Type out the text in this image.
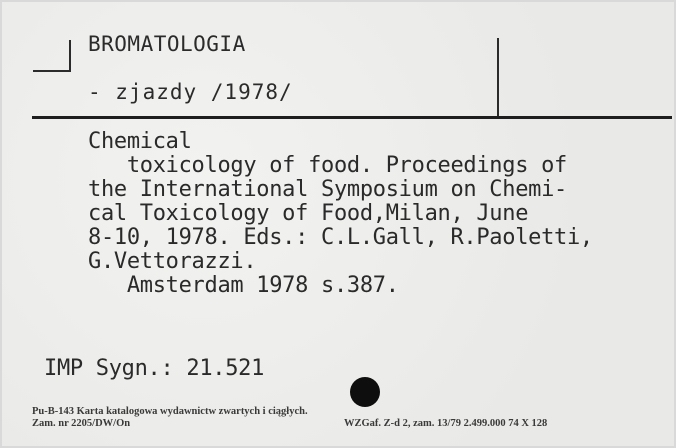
BROMATOLOGIA
- zjazdy /1978/
Chemical
toxicology of food. Proceedings of
the International Symposium on Chemi-
cal Toxicology of Food,Milan, June
8-10, 1978. Eds.: C.L.Gall, R.Paoletti,
G.Vettorazzi.
Amsterdam 1978 s.387.
IMP Sygn.: 21.521
Pu-B-143 Karta katalogowa wydawnictw zwartych i ciągłych.
Zam. nr 2205/DW/On	WZGaf. Z-d 2, zam. 13/79 2.499.000 74 X 128
